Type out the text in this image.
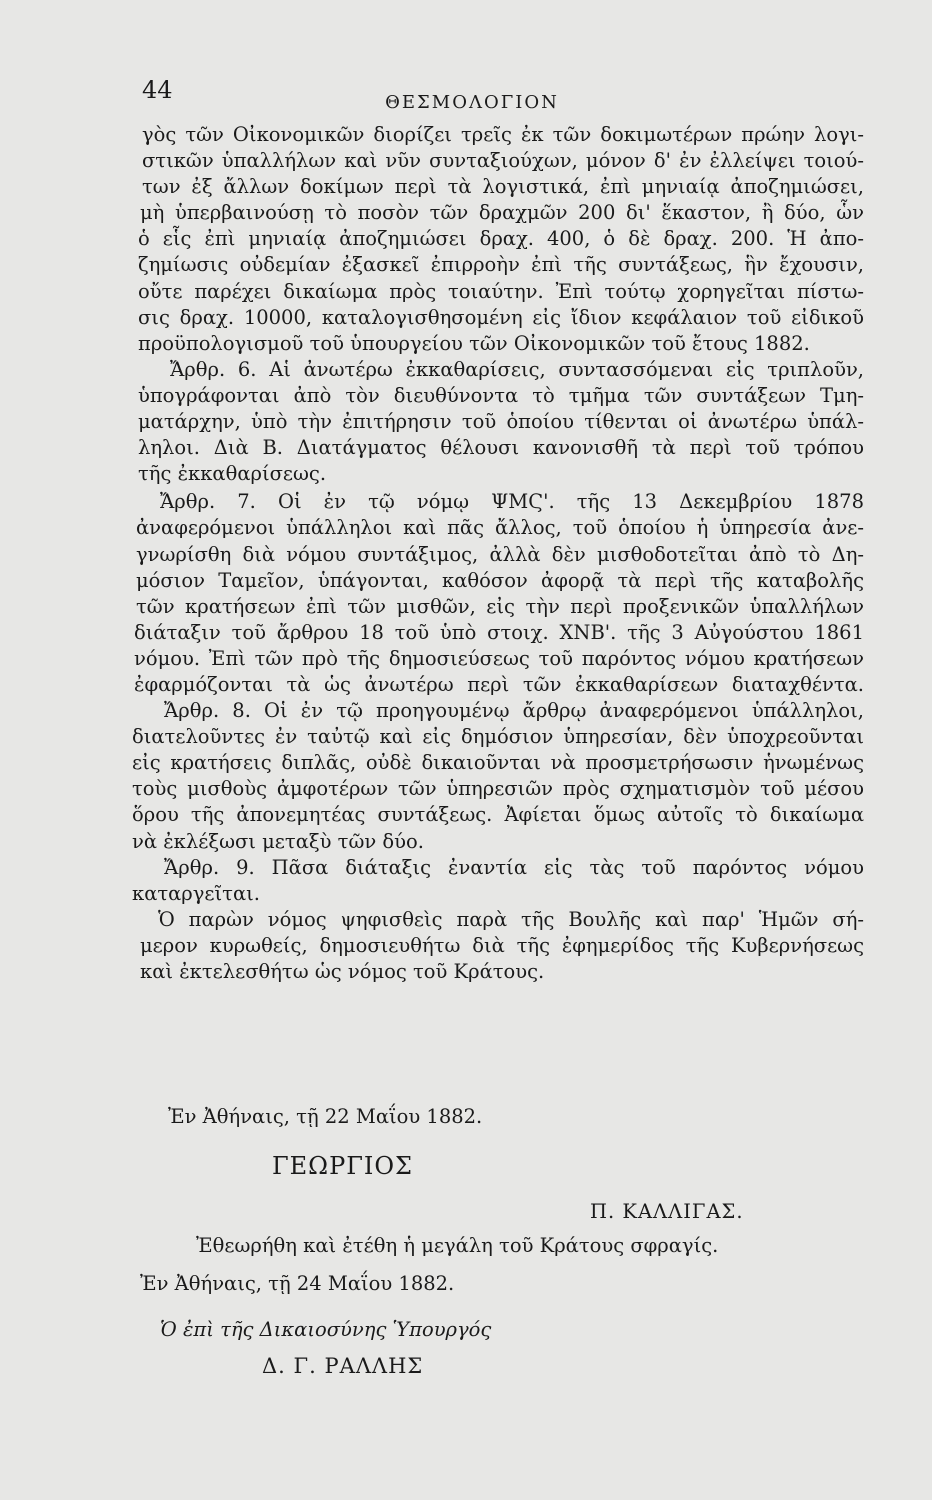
44	ΘΕΣΜΟΛΟΓΙΟΝ
γὸς τῶν Οἰκονομικῶν διορίζει τρεῖς ἐκ τῶν δοκιμωτέρων πρώην λογι-
στικῶν ὑπαλλήλων καὶ νῦν συνταξιούχων, μόνον δ' ἐν ἐλλείψει τοιού-
των ἐξ ἄλλων δοκίμων περὶ τὰ λογιστικά, ἐπὶ μηνιαίᾳ ἀποζημιώσει,
μὴ ὑπερβαινούσῃ τὸ ποσὸν τῶν δραχμῶν 200 δι' ἕκαστον, ἢ δύο, ὧν
ὁ εἷς ἐπὶ μηνιαίᾳ ἀποζημιώσει δραχ. 400, ὁ δὲ δραχ. 200. Ἡ ἀπο-
ζημίωσις οὐδεμίαν ἐξασκεῖ ἐπιρροὴν ἐπὶ τῆς συντάξεως, ἣν ἔχουσιν,
οὔτε παρέχει δικαίωμα πρὸς τοιαύτην. Ἐπὶ τούτῳ χορηγεῖται πίστω-
σις δραχ. 10000, καταλογισθησομένη εἰς ἴδιον κεφάλαιον τοῦ εἰδικοῦ
προϋπολογισμοῦ τοῦ ὑπουργείου τῶν Οἰκονομικῶν τοῦ ἔτους 1882.
Ἄρθρ. 6. Αἱ ἀνωτέρω ἐκκαθαρίσεις, συντασσόμεναι εἰς τριπλοῦν,
ὑπογράφονται ἀπὸ τὸν διευθύνοντα τὸ τμῆμα τῶν συντάξεων Τμη-
ματάρχην, ὑπὸ τὴν ἐπιτήρησιν τοῦ ὁποίου τίθενται οἱ ἀνωτέρω ὑπάλ-
ληλοι. Διὰ Β. Διατάγματος θέλουσι κανονισθῆ τὰ περὶ τοῦ τρόπου
τῆς ἐκκαθαρίσεως.
Ἄρθρ. 7. Οἱ ἐν τῷ νόμῳ ΨΜϚ'. τῆς 13 Δεκεμβρίου 1878
ἀναφερόμενοι ὑπάλληλοι καὶ πᾶς ἄλλος, τοῦ ὁποίου ἡ ὑπηρεσία ἀνε-
γνωρίσθη διὰ νόμου συντάξιμος, ἀλλὰ δὲν μισθοδοτεῖται ἀπὸ τὸ Δη-
μόσιον Ταμεῖον, ὑπάγονται, καθόσον ἀφορᾷ τὰ περὶ τῆς καταβολῆς
τῶν κρατήσεων ἐπὶ τῶν μισθῶν, εἰς τὴν περὶ προξενικῶν ὑπαλλήλων
διάταξιν τοῦ ἄρθρου 18 τοῦ ὑπὸ στοιχ. ΧΝΒ'. τῆς 3 Αὐγούστου 1861
νόμου. Ἐπὶ τῶν πρὸ τῆς δημοσιεύσεως τοῦ παρόντος νόμου κρατήσεων
ἐφαρμόζονται τὰ ὡς ἀνωτέρω περὶ τῶν ἐκκαθαρίσεων διαταχθέντα.
Ἄρθρ. 8. Οἱ ἐν τῷ προηγουμένῳ ἄρθρῳ ἀναφερόμενοι ὑπάλληλοι,
διατελοῦντες ἐν ταὐτῷ καὶ εἰς δημόσιον ὑπηρεσίαν, δὲν ὑποχρεοῦνται
εἰς κρατήσεις διπλᾶς, οὐδὲ δικαιοῦνται νὰ προσμετρήσωσιν ἡνωμένως
τοὺς μισθοὺς ἀμφοτέρων τῶν ὑπηρεσιῶν πρὸς σχηματισμὸν τοῦ μέσου
ὅρου τῆς ἀπονεμητέας συντάξεως. Ἀφίεται ὅμως αὐτοῖς τὸ δικαίωμα
νὰ ἐκλέξωσι μεταξὺ τῶν δύο.
Ἄρθρ. 9. Πᾶσα διάταξις ἐναντία εἰς τὰς τοῦ παρόντος νόμου
καταργεῖται.
Ὁ παρὼν νόμος ψηφισθεὶς παρὰ τῆς Βουλῆς καὶ παρ' Ἡμῶν σή-
μερον κυρωθείς, δημοσιευθήτω διὰ τῆς ἐφημερίδος τῆς Κυβερνήσεως
καὶ ἐκτελεσθήτω ὡς νόμος τοῦ Κράτους.
Ἐν Ἀθήναις, τῇ 22 Μαΐου 1882.
ΓΕΩΡΓΙΟΣ
Π. ΚΑΛΛΙΓΑΣ.
Ἐθεωρήθη καὶ ἐτέθη ἡ μεγάλη τοῦ Κράτους σφραγίς.
Ἐν Ἀθήναις, τῇ 24 Μαΐου 1882.
Ὁ ἐπὶ τῆς Δικαιοσύνης Ὑπουργός
Δ. Γ. ΡΑΛΛΗΣ
